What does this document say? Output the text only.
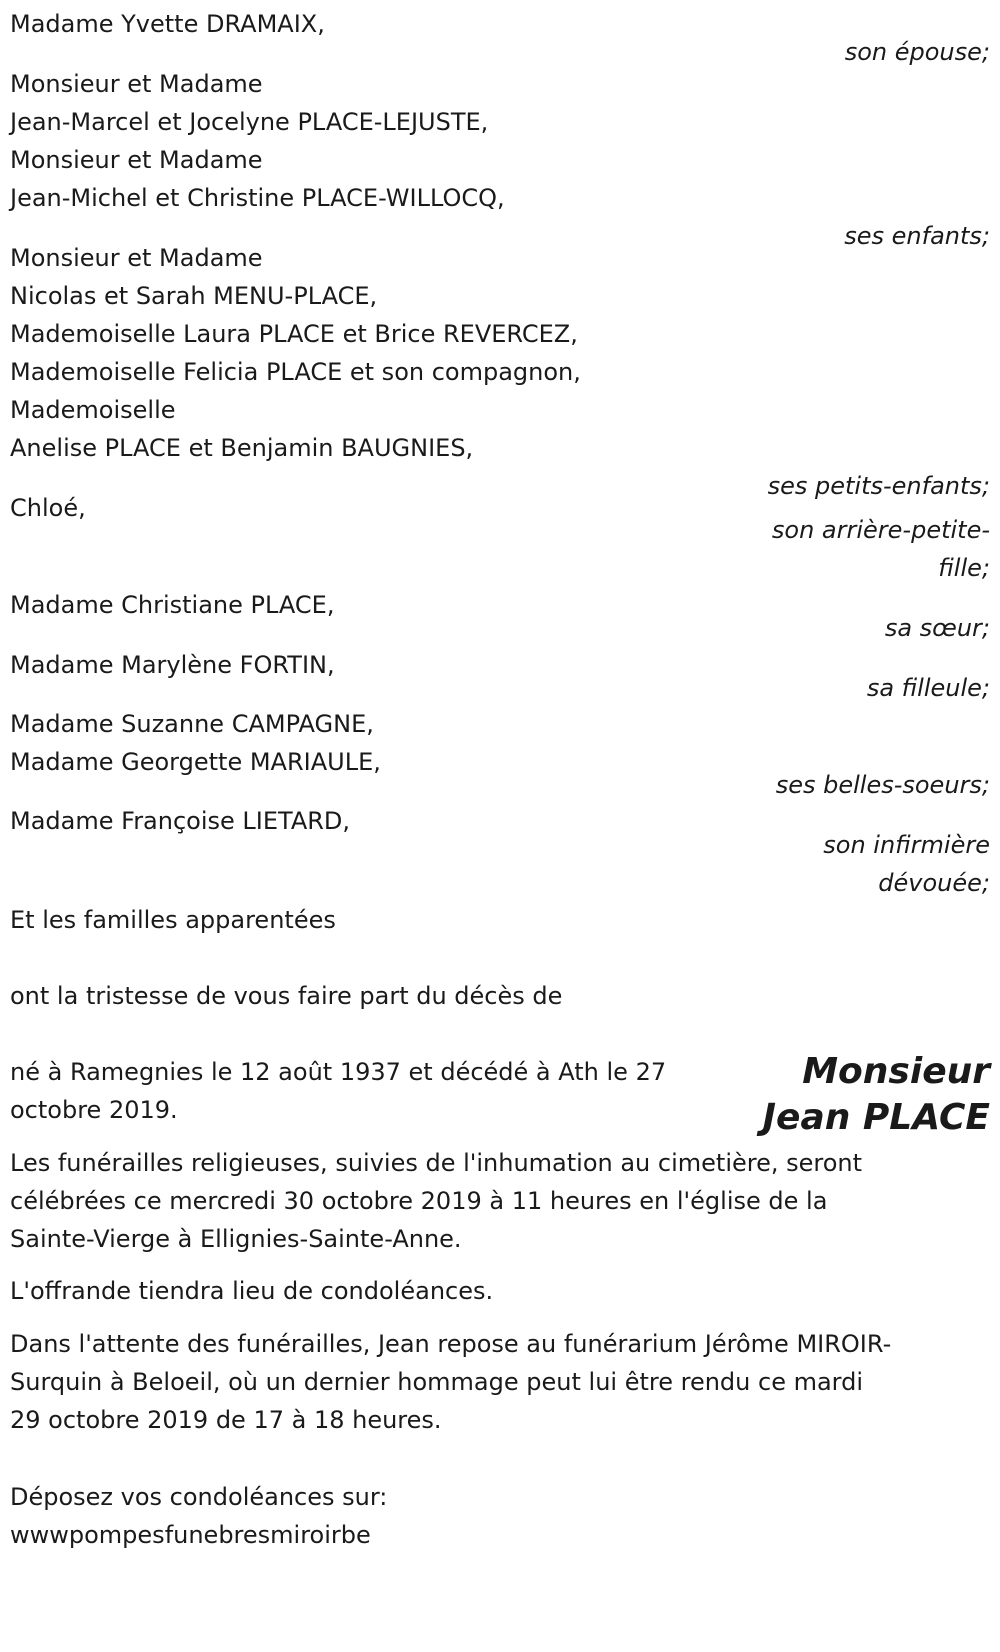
Madame Yvette DRAMAIX,
son épouse;
Monsieur et Madame
Jean-Marcel et Jocelyne PLACE-LEJUSTE,
Monsieur et Madame
Jean-Michel et Christine PLACE-WILLOCQ,
ses enfants;
Monsieur et Madame
Nicolas et Sarah MENU-PLACE,
Mademoiselle Laura PLACE et Brice REVERCEZ,
Mademoiselle Felicia PLACE et son compagnon,
Mademoiselle
Anelise PLACE et Benjamin BAUGNIES,
ses petits-enfants;
Chloé,
son arrière-petite-
fille;
Madame Christiane PLACE,
sa sœur;
Madame Marylène FORTIN,
sa filleule;
Madame Suzanne CAMPAGNE,
Madame Georgette MARIAULE,
ses belles-soeurs;
Madame Françoise LIETARD,
son infirmière
dévouée;
Et les familles apparentées
ont la tristesse de vous faire part du décès de
né à Ramegnies le 12 août 1937 et décédé à Ath le 27
octobre 2019.
Monsieur
Jean PLACE
Les funérailles religieuses, suivies de l'inhumation au cimetière, seront
célébrées ce mercredi 30 octobre 2019 à 11 heures en l'église de la
Sainte-Vierge à Ellignies-Sainte-Anne.
L'offrande tiendra lieu de condoléances.
Dans l'attente des funérailles, Jean repose au funérarium Jérôme MIROIR-
Surquin à Beloeil, où un dernier hommage peut lui être rendu ce mardi
29 octobre 2019 de 17 à 18 heures.
Déposez vos condoléances sur:
wwwpompesfunebresmiroirbe
